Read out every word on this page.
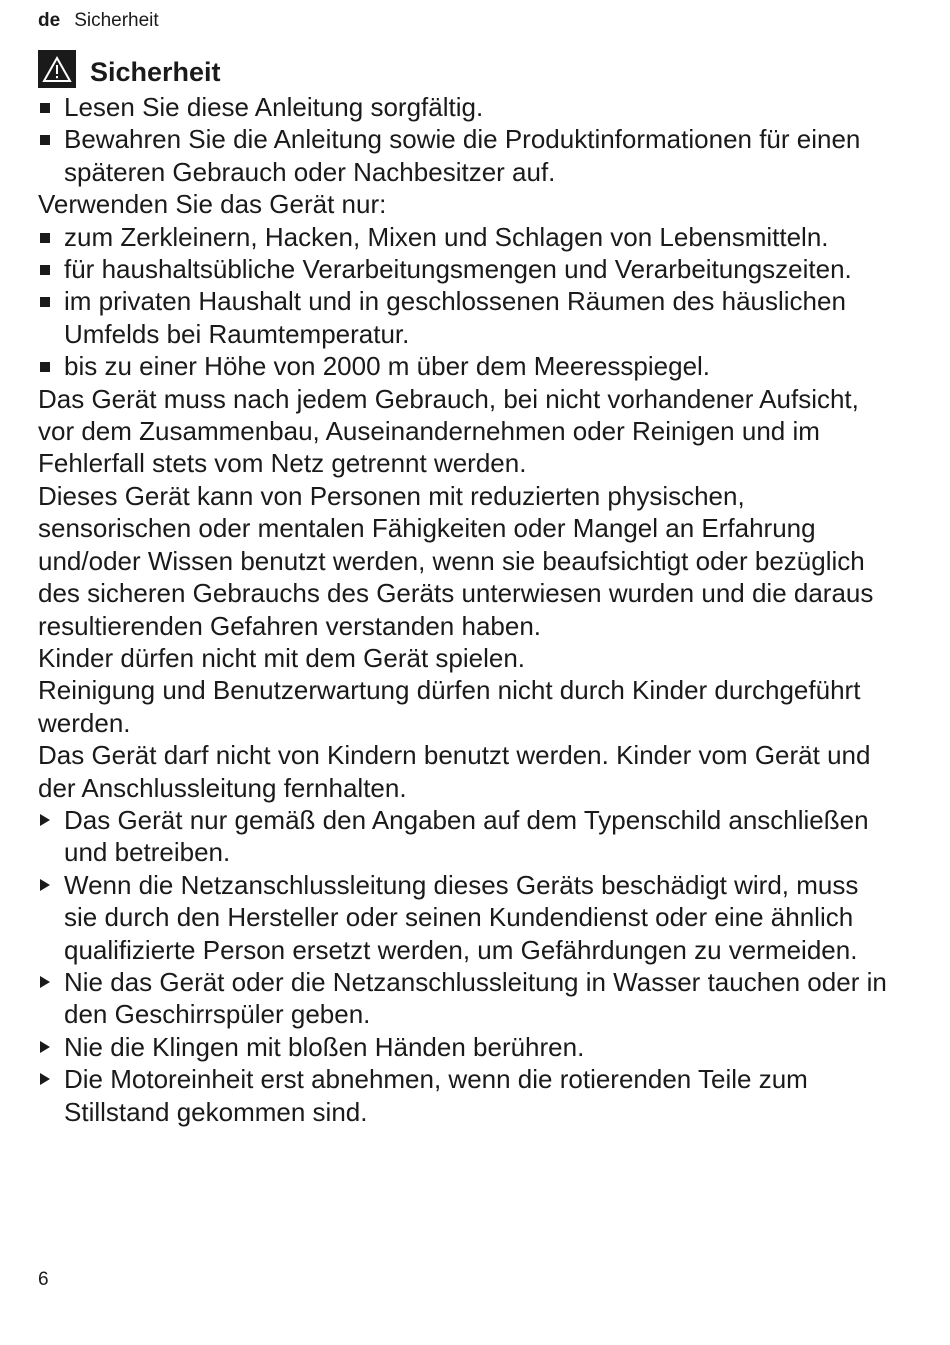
de Sicherheit
Sicherheit
Lesen Sie diese Anleitung sorgfältig.
Bewahren Sie die Anleitung sowie die Produktinformationen für einen späteren Gebrauch oder Nachbesitzer auf.

Verwenden Sie das Gerät nur:

zum Zerkleinern, Hacken, Mixen und Schlagen von Lebensmitteln.
für haushaltsübliche Verarbeitungsmengen und Verarbeitungszeiten.
im privaten Haushalt und in geschlossenen Räumen des häuslichen Umfelds bei Raumtemperatur.
bis zu einer Höhe von 2000 m über dem Meeresspiegel.

Das Gerät muss nach jedem Gebrauch, bei nicht vorhandener Aufsicht, vor dem Zusammenbau, Auseinandernehmen oder Reinigen und im Fehlerfall stets vom Netz getrennt werden.

Dieses Gerät kann von Personen mit reduzierten physischen, sensorischen oder mentalen Fähigkeiten oder Mangel an Erfahrung und/oder Wissen benutzt werden, wenn sie beaufsichtigt oder bezüglich des sicheren Gebrauchs des Geräts unterwiesen wurden und die daraus resultierenden Gefahren verstanden haben.

Kinder dürfen nicht mit dem Gerät spielen.

Reinigung und Benutzerwartung dürfen nicht durch Kinder durchgeführt werden.

Das Gerät darf nicht von Kindern benutzt werden. Kinder vom Gerät und der Anschlussleitung fernhalten.

Das Gerät nur gemäß den Angaben auf dem Typenschild anschließen und betreiben.
Wenn die Netzanschlussleitung dieses Geräts beschädigt wird, muss sie durch den Hersteller oder seinen Kundendienst oder eine ähnlich qualifizierte Person ersetzt werden, um Gefährdungen zu vermeiden.
Nie das Gerät oder die Netzanschlussleitung in Wasser tauchen oder in den Geschirrspüler geben.
Nie die Klingen mit bloßen Händen berühren.
Die Motoreinheit erst abnehmen, wenn die rotierenden Teile zum Stillstand gekommen sind.
6
